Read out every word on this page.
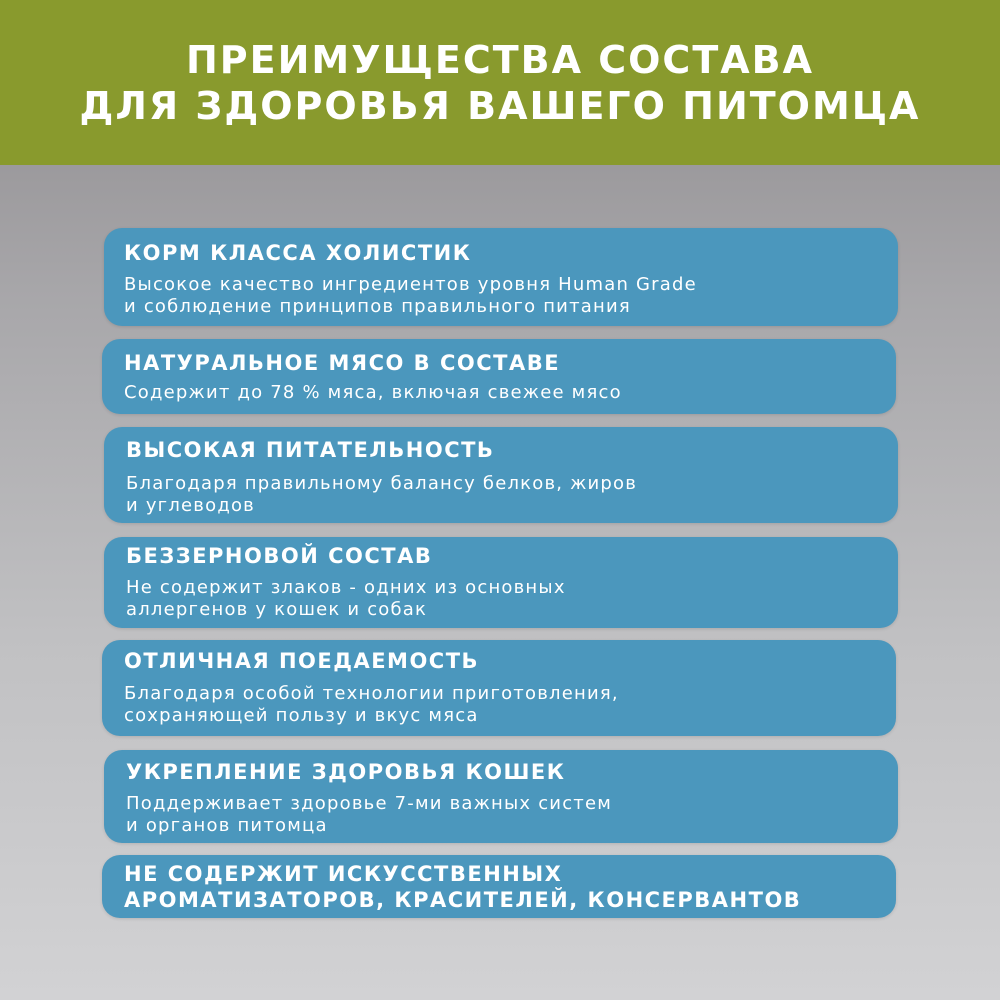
ПРЕИМУЩЕСТВА СОСТАВА
ДЛЯ ЗДОРОВЬЯ ВАШЕГО ПИТОМЦА
КОРМ КЛАССА ХОЛИСТИК
Высокое качество ингредиентов уровня Human Grade
и соблюдение принципов правильного питания
НАТУРАЛЬНОЕ МЯСО В СОСТАВЕ
Содержит до 78 % мяса, включая свежее мясо
ВЫСОКАЯ ПИТАТЕЛЬНОСТЬ
Благодаря правильному балансу белков, жиров
и углеводов
БЕЗЗЕРНОВОЙ СОСТАВ
Не содержит злаков - одних из основных
аллергенов у кошек и собак
ОТЛИЧНАЯ ПОЕДАЕМОСТЬ
Благодаря особой технологии приготовления,
сохраняющей пользу и вкус мяса
УКРЕПЛЕНИЕ ЗДОРОВЬЯ КОШЕК
Поддерживает здоровье 7-ми важных систем
и органов питомца
НЕ СОДЕРЖИТ ИСКУССТВЕННЫХ
АРОМАТИЗАТОРОВ, КРАСИТЕЛЕЙ, КОНСЕРВАНТОВ
